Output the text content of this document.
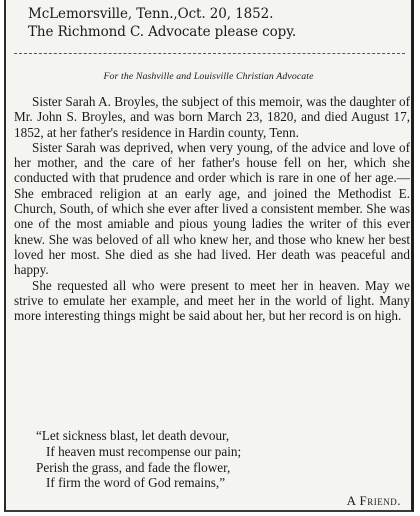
McLemorsville, Tenn.,Oct. 20, 1852.
The Richmond C. Advocate please copy.
For the Nashville and Louisville Christian Advocate

Sister Sarah A. Broyles, the subject of this memoir, was the daughter of Mr. John S. Broyles, and was born March 23, 1820, and died August 17, 1852, at her father's residence in Hardin county, Tenn.

Sister Sarah was deprived, when very young, of the advice and love of her mother, and the care of her father's house fell on her, which she conducted with that prudence and order which is rare in one of her age.—She embraced religion at an early age, and joined the Methodist E. Church, South, of which she ever after lived a consistent member. She was one of the most amiable and pious young ladies the writer of this ever knew. She was beloved of all who knew her, and those who knew her best loved her most. She died as she had lived. Her death was peaceful and happy.

She requested all who were present to meet her in heaven. May we strive to emulate her example, and meet her in the world of light. Many more interesting things might be said about her, but her record is on high.

“Let sickness blast, let death devour,
If heaven must recompense our pain;
Perish the grass, and fade the flower,
If firm the word of God remains,”
A Friend.
